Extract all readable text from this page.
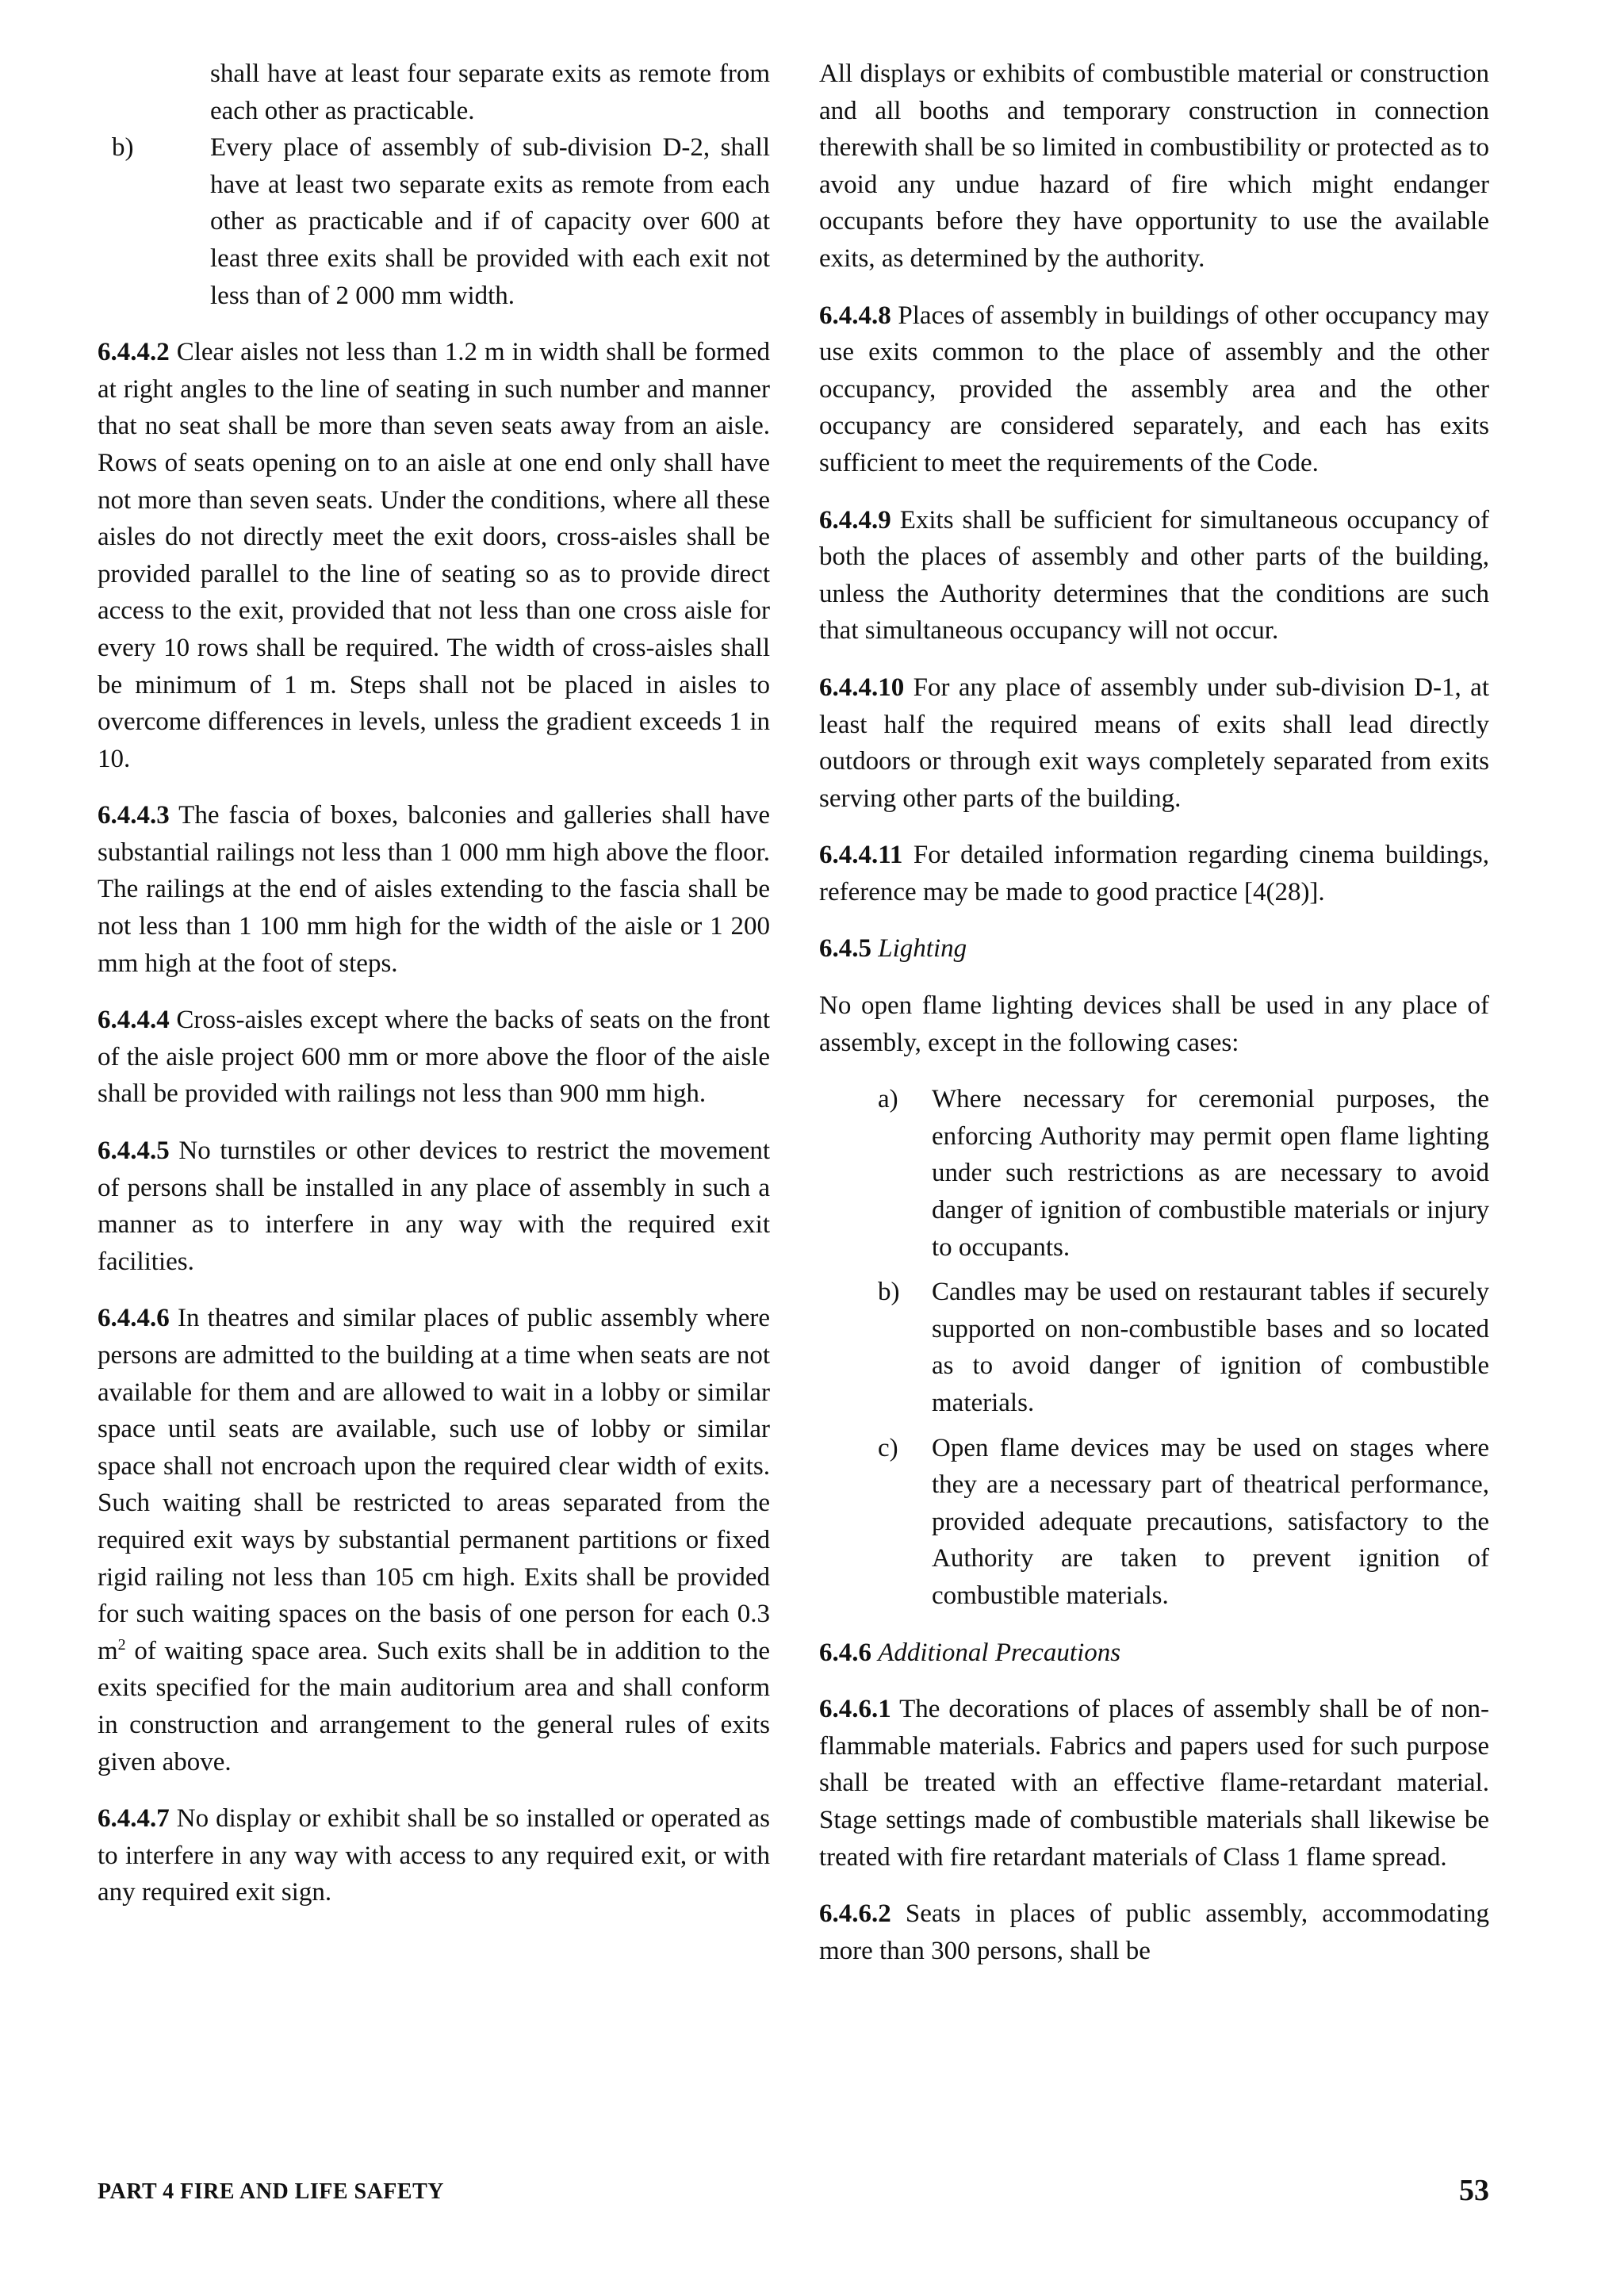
shall have at least four separate exits as remote from each other as practicable.

b)	Every place of assembly of sub-division D-2, shall have at least two separate exits as remote from each other as practicable and if of capacity over 600 at least three exits shall be provided with each exit not less than of 2 000 mm width.

6.4.4.2 Clear aisles not less than 1.2 m in width shall be formed at right angles to the line of seating in such number and manner that no seat shall be more than seven seats away from an aisle. Rows of seats opening on to an aisle at one end only shall have not more than seven seats. Under the conditions, where all these aisles do not directly meet the exit doors, cross-aisles shall be provided parallel to the line of seating so as to provide direct access to the exit, provided that not less than one cross aisle for every 10 rows shall be required. The width of cross-aisles shall be minimum of 1 m. Steps shall not be placed in aisles to overcome differences in levels, unless the gradient exceeds 1 in 10.

6.4.4.3 The fascia of boxes, balconies and galleries shall have substantial railings not less than 1 000 mm high above the floor. The railings at the end of aisles extending to the fascia shall be not less than 1 100 mm high for the width of the aisle or 1 200 mm high at the foot of steps.

6.4.4.4 Cross-aisles except where the backs of seats on the front of the aisle project 600 mm or more above the floor of the aisle shall be provided with railings not less than 900 mm high.

6.4.4.5 No turnstiles or other devices to restrict the movement of persons shall be installed in any place of assembly in such a manner as to interfere in any way with the required exit facilities.

6.4.4.6 In theatres and similar places of public assembly where persons are admitted to the building at a time when seats are not available for them and are allowed to wait in a lobby or similar space until seats are available, such use of lobby or similar space shall not encroach upon the required clear width of exits. Such waiting shall be restricted to areas separated from the required exit ways by substantial permanent partitions or fixed rigid railing not less than 105 cm high. Exits shall be provided for such waiting spaces on the basis of one person for each 0.3 $m^2$ of waiting space area. Such exits shall be in addition to the exits specified for the main auditorium area and shall conform in construction and arrangement to the general rules of exits given above.

6.4.4.7 No display or exhibit shall be so installed or operated as to interfere in any way with access to any required exit, or with any required exit sign.

All displays or exhibits of combustible material or construction and all booths and temporary construction in connection therewith shall be so limited in combustibility or protected as to avoid any undue hazard of fire which might endanger occupants before they have opportunity to use the available exits, as determined by the authority.

6.4.4.8 Places of assembly in buildings of other occupancy may use exits common to the place of assembly and the other occupancy, provided the assembly area and the other occupancy are considered separately, and each has exits sufficient to meet the requirements of the Code.

6.4.4.9 Exits shall be sufficient for simultaneous occupancy of both the places of assembly and other parts of the building, unless the Authority determines that the conditions are such that simultaneous occupancy will not occur.

6.4.4.10 For any place of assembly under sub-division D-1, at least half the required means of exits shall lead directly outdoors or through exit ways completely separated from exits serving other parts of the building.

6.4.4.11 For detailed information regarding cinema buildings, reference may be made to good practice [4(28)].

6.4.5 Lighting

No open flame lighting devices shall be used in any place of assembly, except in the following cases:

a) Where necessary for ceremonial purposes, the enforcing Authority may permit open flame lighting under such restrictions as are necessary to avoid danger of ignition of combustible materials or injury to occupants.
b) Candles may be used on restaurant tables if securely supported on non-combustible bases and so located as to avoid danger of ignition of combustible materials.
c) Open flame devices may be used on stages where they are a necessary part of theatrical performance, provided adequate precautions, satisfactory to the Authority are taken to prevent ignition of combustible materials.

6.4.6 Additional Precautions

6.4.6.1 The decorations of places of assembly shall be of non-flammable materials. Fabrics and papers used for such purpose shall be treated with an effective flame-retardant material. Stage settings made of combustible materials shall likewise be treated with fire retardant materials of Class 1 flame spread.

6.4.6.2 Seats in places of public assembly, accommodating more than 300 persons, shall be

PART 4 FIRE AND LIFE SAFETY	53
